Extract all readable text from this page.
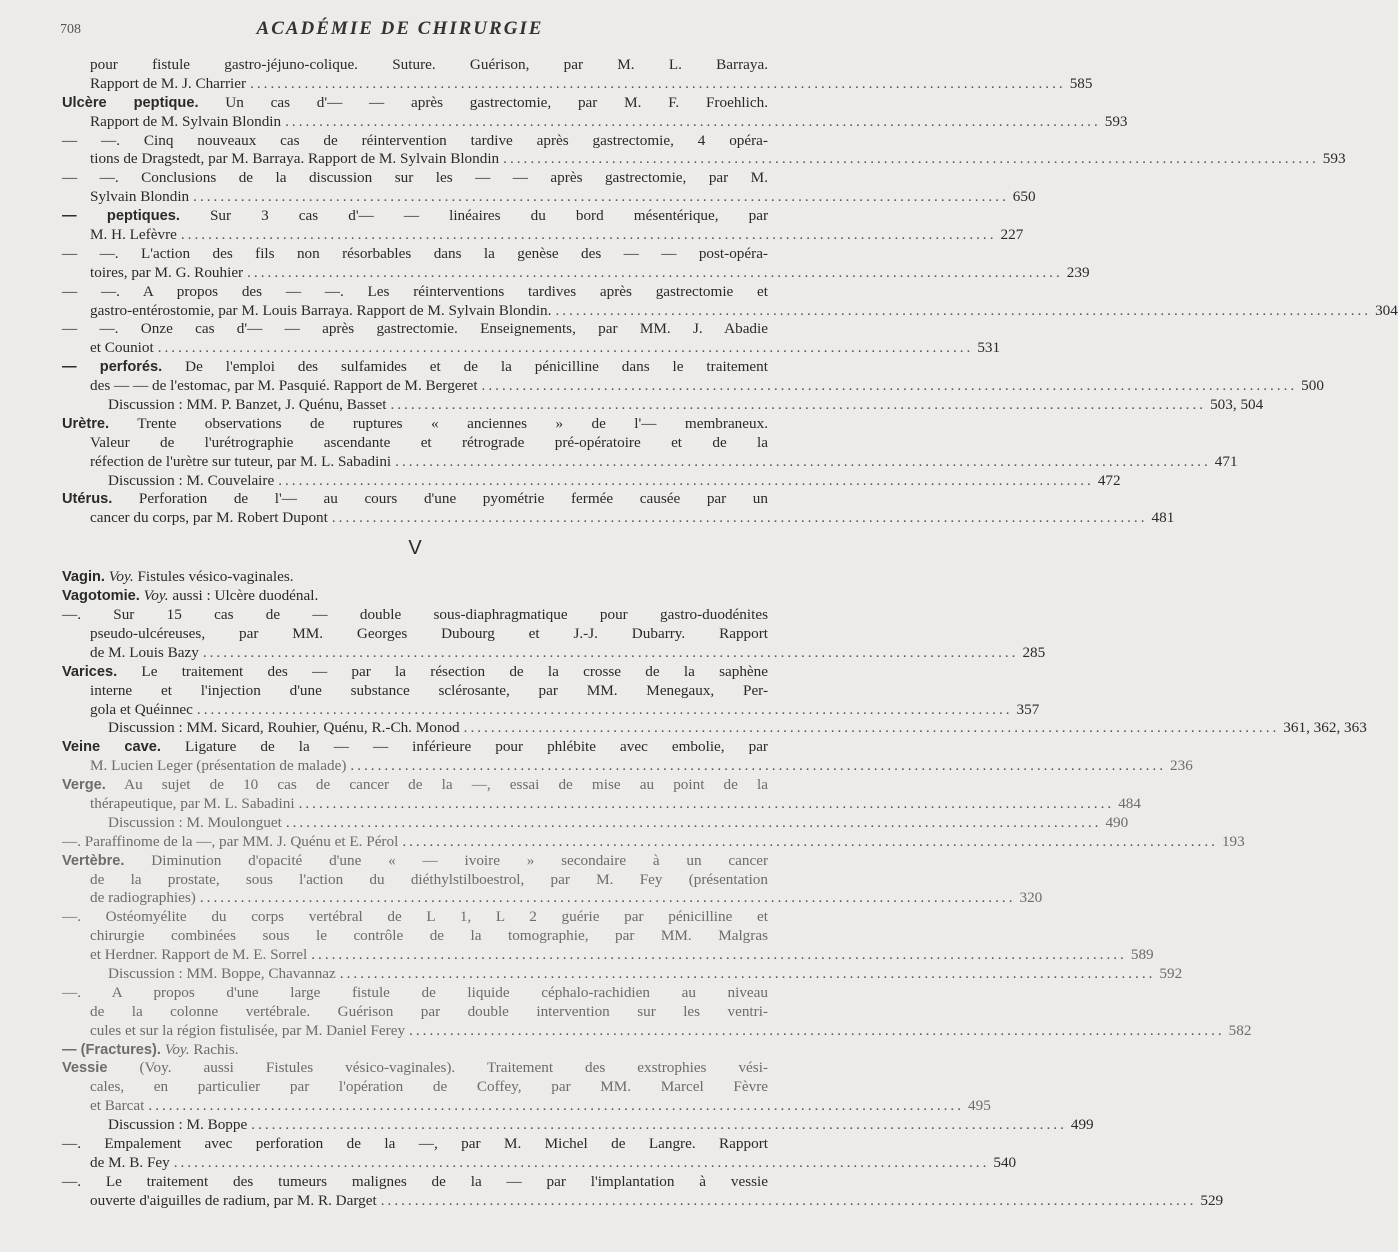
708	ACADÉMIE DE CHIRURGIE
pour fistule gastro-jéjuno-colique. Suture. Guérison, par M. L. Barraya.
Rapport de M. J. Charrier ........................................................................................................................ 585
Ulcère peptique. Un cas d'— — après gastrectomie, par M. F. Froehlich.
Rapport de M. Sylvain Blondin ........................................................................................................................ 593
— —. Cinq nouveaux cas de réintervention tardive après gastrectomie, 4 opéra-
tions de Dragstedt, par M. Barraya. Rapport de M. Sylvain Blondin ........................................................................................................................ 593
— —. Conclusions de la discussion sur les — — après gastrectomie, par M.
Sylvain Blondin ........................................................................................................................ 650
— peptiques. Sur 3 cas d'— — linéaires du bord mésentérique, par
M. H. Lefèvre ........................................................................................................................ 227
— —. L'action des fils non résorbables dans la genèse des — — post-opéra-
toires, par M. G. Rouhier ........................................................................................................................ 239
— —. A propos des — —. Les réinterventions tardives après gastrectomie et
gastro-entérostomie, par M. Louis Barraya. Rapport de M. Sylvain Blondin. ........................................................................................................................ 304
— —. Onze cas d'— — après gastrectomie. Enseignements, par MM. J. Abadie
et Couniot ........................................................................................................................ 531
— perforés. De l'emploi des sulfamides et de la pénicilline dans le traitement
des — — de l'estomac, par M. Pasquié. Rapport de M. Bergeret ........................................................................................................................ 500
Discussion : MM. P. Banzet, J. Quénu, Basset ........................................................................................................................ 503, 504
Urètre. Trente observations de ruptures « anciennes » de l'— membraneux.
Valeur de l'urétrographie ascendante et rétrograde pré-opératoire et de la
réfection de l'urètre sur tuteur, par M. L. Sabadini ........................................................................................................................ 471
Discussion : M. Couvelaire ........................................................................................................................ 472
Utérus. Perforation de l'— au cours d'une pyométrie fermée causée par un
cancer du corps, par M. Robert Dupont ........................................................................................................................ 481
V
Vagin. Voy. Fistules vésico-vaginales.
Vagotomie. Voy. aussi : Ulcère duodénal.
—. Sur 15 cas de — double sous-diaphragmatique pour gastro-duodénites
pseudo-ulcéreuses, par MM. Georges Dubourg et J.-J. Dubarry. Rapport
de M. Louis Bazy ........................................................................................................................ 285
Varices. Le traitement des — par la résection de la crosse de la saphène
interne et l'injection d'une substance sclérosante, par MM. Menegaux, Per-
gola et Quéinnec ........................................................................................................................ 357
Discussion : MM. Sicard, Rouhier, Quénu, R.-Ch. Monod ........................................................................................................................ 361, 362, 363
Veine cave. Ligature de la — — inférieure pour phlébite avec embolie, par
M. Lucien Leger (présentation de malade) ........................................................................................................................ 236
Verge. Au sujet de 10 cas de cancer de la —, essai de mise au point de la
thérapeutique, par M. L. Sabadini ........................................................................................................................ 484
Discussion : M. Moulonguet ........................................................................................................................ 490
—. Paraffinome de la —, par MM. J. Quénu et E. Pérol ........................................................................................................................ 193
Vertèbre. Diminution d'opacité d'une « — ivoire » secondaire à un cancer
de la prostate, sous l'action du diéthylstilboestrol, par M. Fey (présentation
de radiographies) ........................................................................................................................ 320
—. Ostéomyélite du corps vertébral de L 1, L 2 guérie par pénicilline et
chirurgie combinées sous le contrôle de la tomographie, par MM. Malgras
et Herdner. Rapport de M. E. Sorrel ........................................................................................................................ 589
Discussion : MM. Boppe, Chavannaz ........................................................................................................................ 592
—. A propos d'une large fistule de liquide céphalo-rachidien au niveau
de la colonne vertébrale. Guérison par double intervention sur les ventri-
cules et sur la région fistulisée, par M. Daniel Ferey ........................................................................................................................ 582
— (Fractures). Voy. Rachis.
Vessie (Voy. aussi Fistules vésico-vaginales). Traitement des exstrophies vési-
cales, en particulier par l'opération de Coffey, par MM. Marcel Fèvre
et Barcat ........................................................................................................................ 495
Discussion : M. Boppe ........................................................................................................................ 499
—. Empalement avec perforation de la —, par M. Michel de Langre. Rapport
de M. B. Fey ........................................................................................................................ 540
—. Le traitement des tumeurs malignes de la — par l'implantation à vessie
ouverte d'aiguilles de radium, par M. R. Darget ........................................................................................................................ 529
